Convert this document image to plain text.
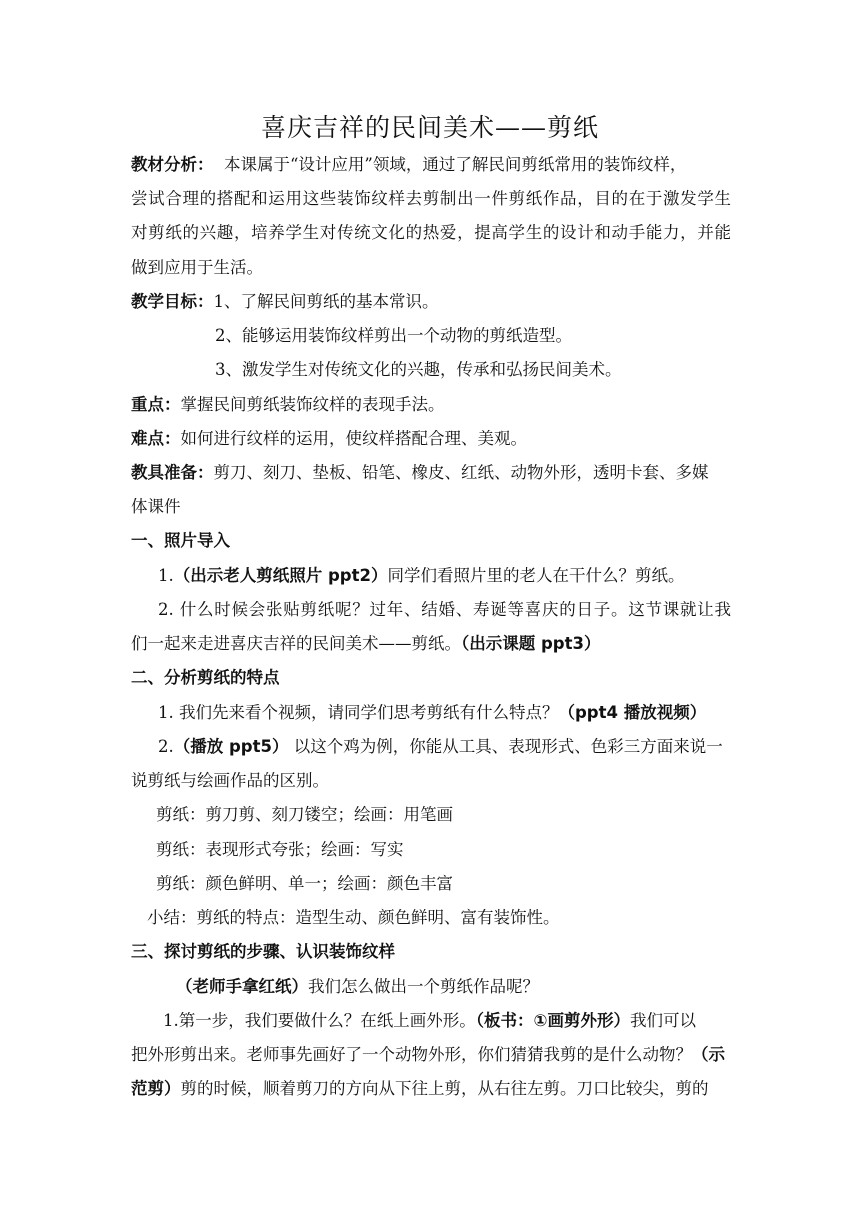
喜庆吉祥的民间美术——剪纸
教材分析： 本课属于“设计应用”领域，通过了解民间剪纸常用的装饰纹样，
尝试合理的搭配和运用这些装饰纹样去剪制出一件剪纸作品，目的在于激发学生
对剪纸的兴趣，培养学生对传统文化的热爱，提高学生的设计和动手能力，并能
做到应用于生活。
教学目标：1、了解民间剪纸的基本常识。
2、能够运用装饰纹样剪出一个动物的剪纸造型。
3、激发学生对传统文化的兴趣，传承和弘扬民间美术。
重点：掌握民间剪纸装饰纹样的表现手法。
难点：如何进行纹样的运用，使纹样搭配合理、美观。
教具准备：剪刀、刻刀、垫板、铅笔、橡皮、红纸、动物外形，透明卡套、多媒
体课件
一、照片导入
1.（出示老人剪纸照片 ppt2）同学们看照片里的老人在干什么？剪纸。
2. 什么时候会张贴剪纸呢？过年、结婚、寿诞等喜庆的日子。这节课就让我
们一起来走进喜庆吉祥的民间美术——剪纸。（出示课题 ppt3）
二、分析剪纸的特点
1. 我们先来看个视频，请同学们思考剪纸有什么特点？（ppt4 播放视频）
2.（播放 ppt5） 以这个鸡为例，你能从工具、表现形式、色彩三方面来说一
说剪纸与绘画作品的区别。
剪纸：剪刀剪、刻刀镂空；绘画：用笔画
剪纸：表现形式夸张；绘画：写实
剪纸：颜色鲜明、单一；绘画：颜色丰富
小结：剪纸的特点：造型生动、颜色鲜明、富有装饰性。
三、探讨剪纸的步骤、认识装饰纹样
（老师手拿红纸）我们怎么做出一个剪纸作品呢？
1.第一步，我们要做什么？在纸上画外形。（板书：①画剪外形）我们可以
把外形剪出来。老师事先画好了一个动物外形，你们猜猜我剪的是什么动物？（示
范剪）剪的时候，顺着剪刀的方向从下往上剪，从右往左剪。刀口比较尖，剪的
